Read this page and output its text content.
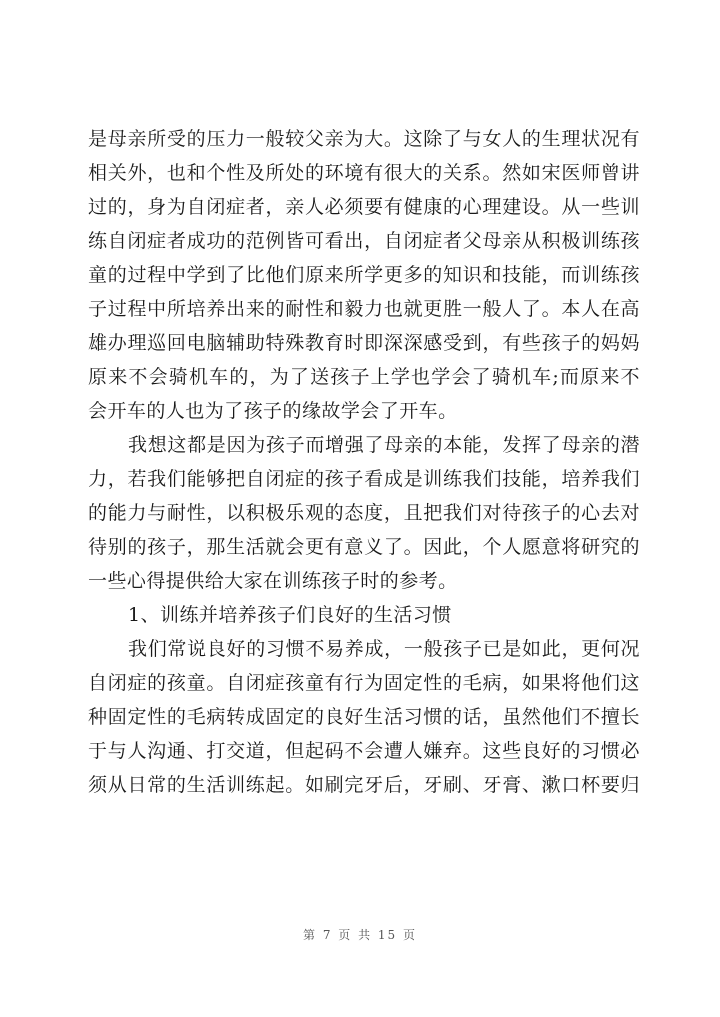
是母亲所受的压力一般较父亲为大。这除了与女人的生理状况有
相关外，也和个性及所处的环境有很大的关系。然如宋医师曾讲
过的，身为自闭症者，亲人必须要有健康的心理建设。从一些训
练自闭症者成功的范例皆可看出，自闭症者父母亲从积极训练孩
童的过程中学到了比他们原来所学更多的知识和技能，而训练孩
子过程中所培养出来的耐性和毅力也就更胜一般人了。本人在高
雄办理巡回电脑辅助特殊教育时即深深感受到，有些孩子的妈妈
原来不会骑机车的，为了送孩子上学也学会了骑机车;而原来不
会开车的人也为了孩子的缘故学会了开车。
我想这都是因为孩子而增强了母亲的本能，发挥了母亲的潜
力，若我们能够把自闭症的孩子看成是训练我们技能，培养我们
的能力与耐性，以积极乐观的态度，且把我们对待孩子的心去对
待别的孩子，那生活就会更有意义了。因此，个人愿意将研究的
一些心得提供给大家在训练孩子时的参考。
1、训练并培养孩子们良好的生活习惯
我们常说良好的习惯不易养成，一般孩子已是如此，更何况
自闭症的孩童。自闭症孩童有行为固定性的毛病，如果将他们这
种固定性的毛病转成固定的良好生活习惯的话，虽然他们不擅长
于与人沟通、打交道，但起码不会遭人嫌弃。这些良好的习惯必
须从日常的生活训练起。如刷完牙后，牙刷、牙膏、漱口杯要归
第 7 页 共 15 页
